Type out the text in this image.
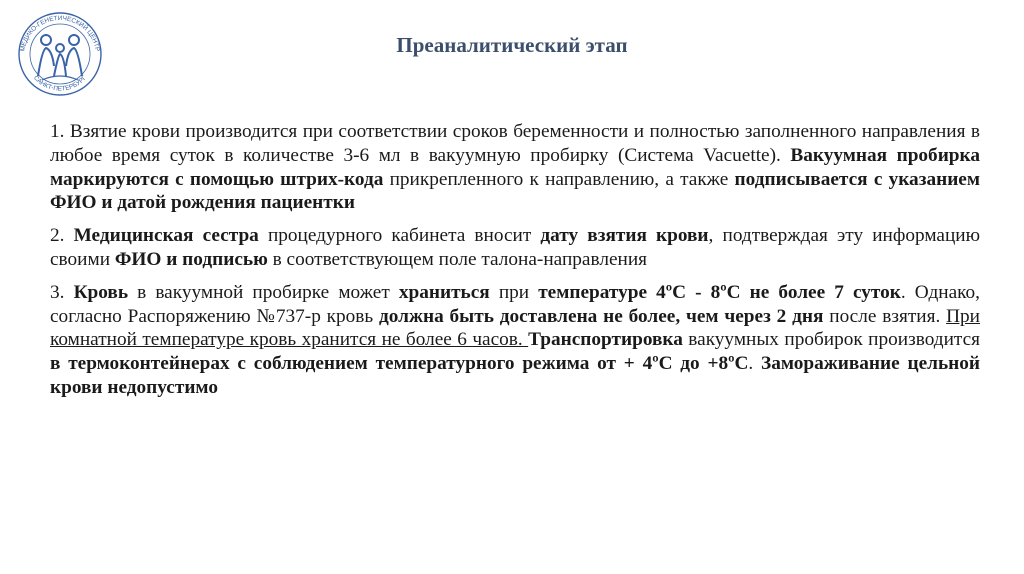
МЕДИКО-ГЕНЕТИЧЕСКИЙ ЦЕНТР
САНКТ-ПЕТЕРБУРГ
Преаналитический этап

1. Взятие крови производится при соответствии сроков беременности и полностью заполненного направления в любое время суток в количестве 3-6 мл в вакуумную пробирку (Система Vacuette). Вакуумная пробирка маркируются с помощью штрих-кода прикрепленного к направлению, а также подписывается с указанием ФИО и датой рождения пациентки

2. Медицинская сестра процедурного кабинета вносит дату взятия крови, подтверждая эту информацию своими ФИО и подписью в соответствующем поле талона-направления

3. Кровь в вакуумной пробирке может храниться при температуре 4ºС - 8ºС не более 7 суток. Однако, согласно Распоряжению №737-р кровь должна быть доставлена не более, чем через 2 дня после взятия. При комнатной температуре кровь хранится не более 6 часов. Транспортировка вакуумных пробирок производится в термоконтейнерах с соблюдением температурного режима от + 4ºС до +8ºС. Замораживание цельной крови недопустимо
